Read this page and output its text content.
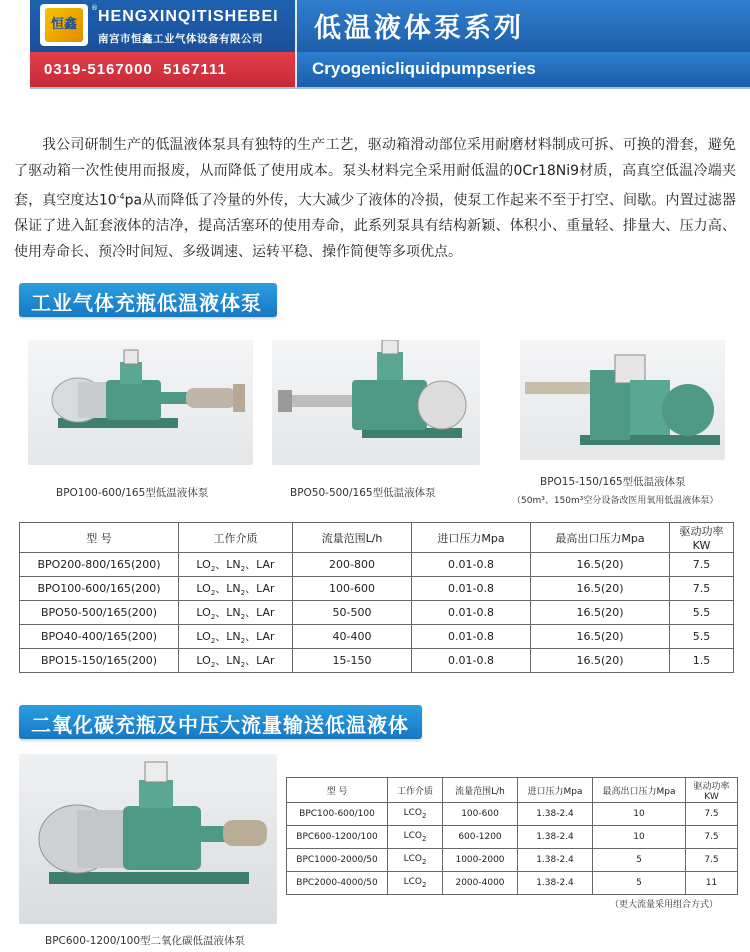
恒鑫
® HENGXINQITISHEBEI
南宫市恒鑫工业气体设备有限公司 低温液体泵系列
0319-5167000  5167111	Cryogenicliquidpumpseries
我公司研制生产的低温液体泵具有独特的生产工艺，驱动箱滑动部位采用耐磨材料制成可拆、可换的滑套，避免了驱动箱一次性使用而报废，从而降低了使用成本。泵头材料完全采用耐低温的0Cr18Ni9材质，高真空低温冷端夹套，真空度达$10^{-4}pa$从而降低了冷量的外传，大大减少了液体的冷损，使泵工作起来不至于打空、间歇。内置过滤器保证了进入缸套液体的洁净，提高活塞环的使用寿命，此系列泵具有结构新颖、体积小、重量轻、排量大、压力高、使用寿命长、预冷时间短、多级调速、运转平稳、操作简便等多项优点。
工业气体充瓶低温液体泵
BPO100-600/165型低温液体泵	BPO50-500/165型低温液体泵
BPO15-150/165型低温液体泵
（50m³、150m³空分设备改医用氧用低温液体泵）
型 号	工作介质	流量范围L/h	进口压力Mpa	最高出口压力Mpa	驱动功率KW
BPO200-800/165(200)	$LO_2$、$LN_2$、LAr	200-800	0.01-0.8	16.5(20)	7.5
BPO100-600/165(200)	$LO_2$、$LN_2$、LAr	100-600	0.01-0.8	16.5(20)	7.5
BPO50-500/165(200)	$LO_2$、$LN_2$、LAr	50-500	0.01-0.8	16.5(20)	5.5
BPO40-400/165(200)	$LO_2$、$LN_2$、LAr	40-400	0.01-0.8	16.5(20)	5.5
BPO15-150/165(200)	$LO_2$、$LN_2$、LAr	15-150	0.01-0.8	16.5(20)	1.5
二氧化碳充瓶及中压大流量输送低温液体
BPC600-1200/100型二氧化碳低温液体泵
型 号	工作介质	流量范围L/h	进口压力Mpa	最高出口压力Mpa	驱动功率KW
BPC100-600/100	$LCO_2$	100-600	1.38-2.4	10	7.5
BPC600-1200/100	$LCO_2$	600-1200	1.38-2.4	10	7.5
BPC1000-2000/50	$LCO_2$	1000-2000	1.38-2.4	5	7.5
BPC2000-4000/50	$LCO_2$	2000-4000	1.38-2.4	5	11
（更大流量采用组合方式）
